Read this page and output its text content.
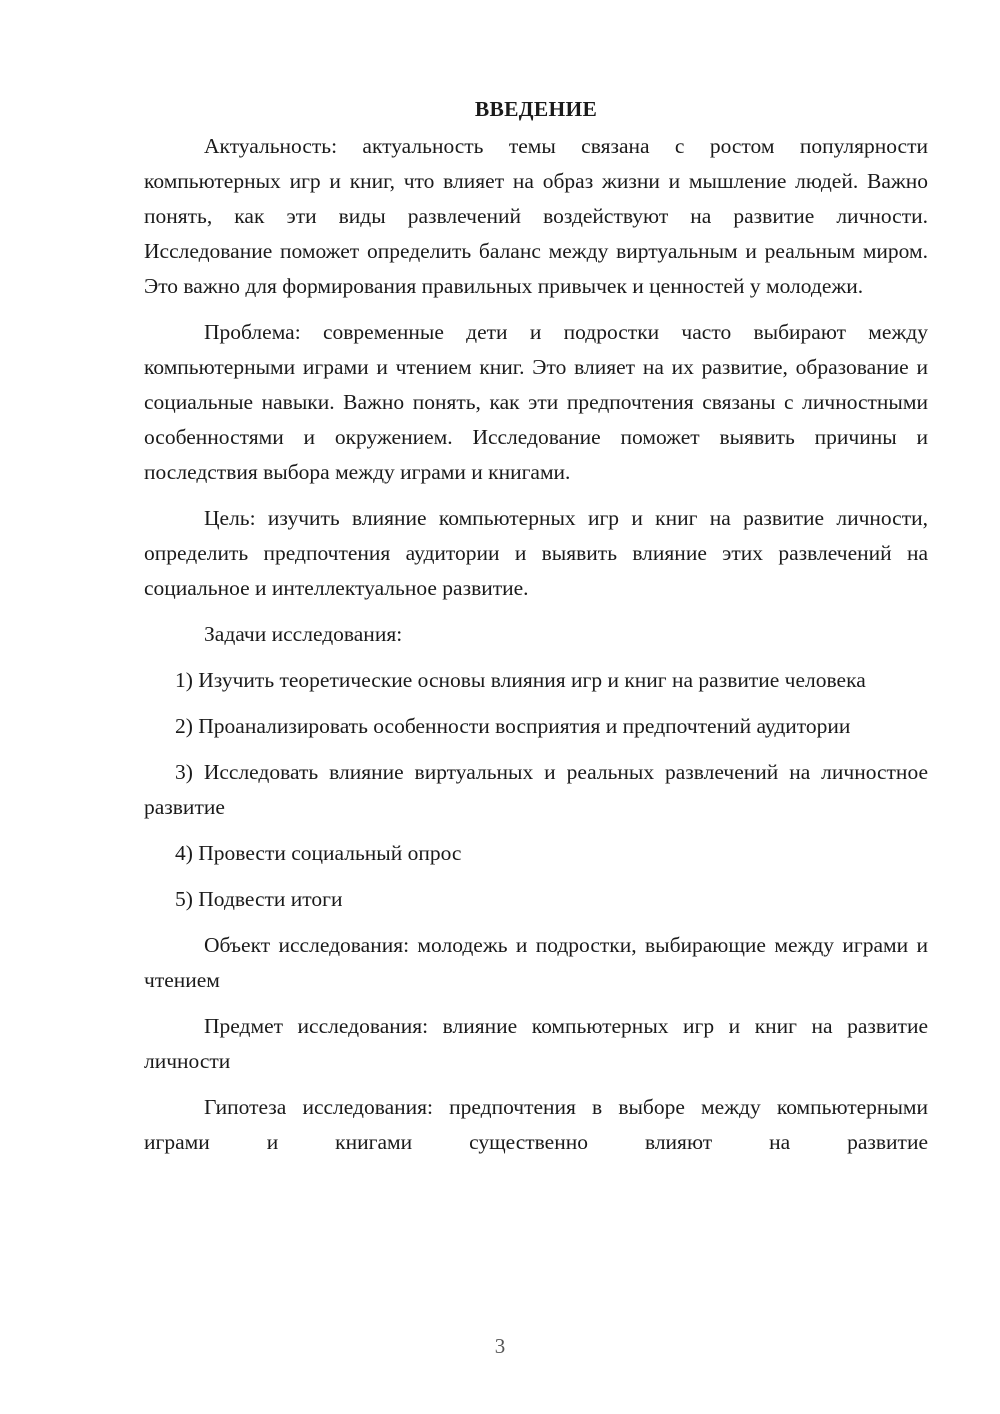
ВВЕДЕНИЕ

Актуальность: актуальность темы связана с ростом популярности компьютерных игр и книг, что влияет на образ жизни и мышление людей. Важно понять, как эти виды развлечений воздействуют на развитие личности. Исследование поможет определить баланс между виртуальным и реальным миром. Это важно для формирования правильных привычек и ценностей у молодежи.

Проблема: современные дети и подростки часто выбирают между компьютерными играми и чтением книг. Это влияет на их развитие, образование и социальные навыки. Важно понять, как эти предпочтения связаны с личностными особенностями и окружением. Исследование поможет выявить причины и последствия выбора между играми и книгами.

Цель: изучить влияние компьютерных игр и книг на развитие личности, определить предпочтения аудитории и выявить влияние этих развлечений на социальное и интеллектуальное развитие.

Задачи исследования:

1) Изучить теоретические основы влияния игр и книг на развитие человека

2) Проанализировать особенности восприятия и предпочтений аудитории

3) Исследовать влияние виртуальных и реальных развлечений на личностное развитие

4) Провести социальный опрос

5) Подвести итоги

Объект исследования: молодежь и подростки, выбирающие между играми и чтением

Предмет исследования: влияние компьютерных игр и книг на развитие личности

Гипотеза исследования: предпочтения в выборе между компьютерными играми и книгами существенно влияют на развитие

3
